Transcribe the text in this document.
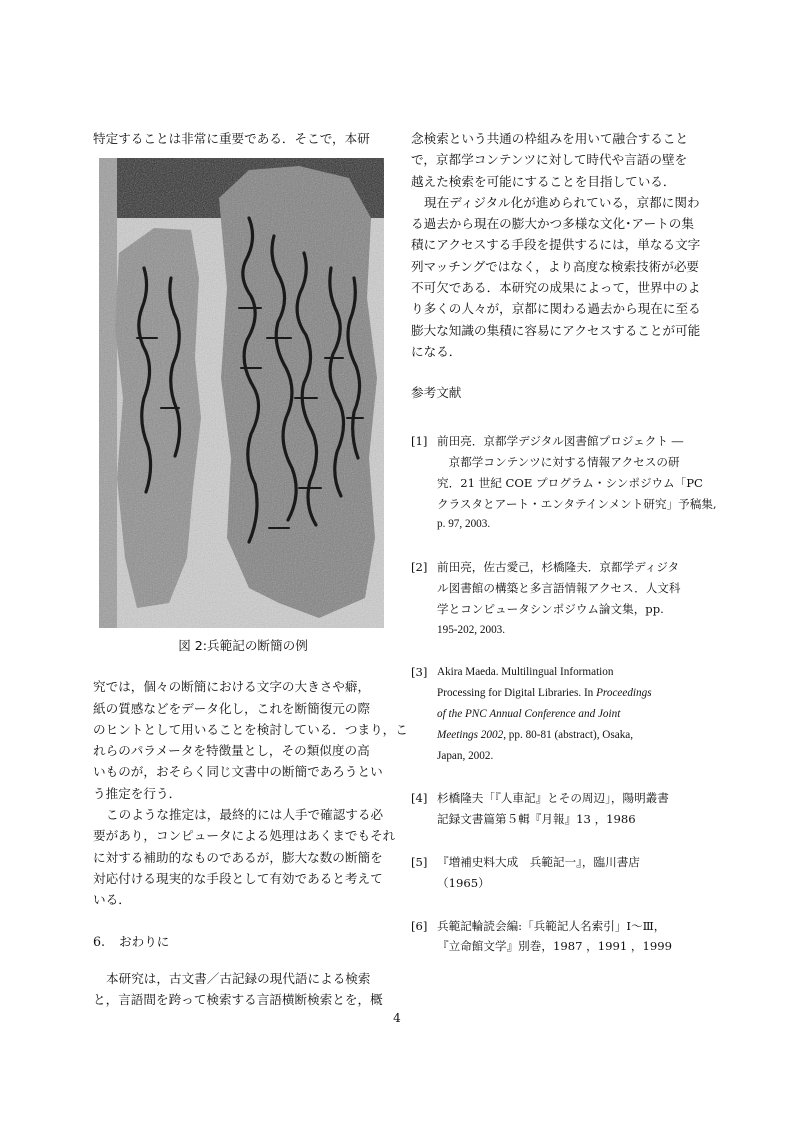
特定することは非常に重要である．そこで，本研
図 2:兵範記の断簡の例
究では，個々の断簡における文字の大きさや癖，
紙の質感などをデータ化し，これを断簡復元の際
のヒントとして用いることを検討している．つまり，こ
れらのパラメータを特徴量とし，その類似度の高
いものが，おそらく同じ文書中の断簡であろうとい
う推定を行う．
このような推定は，最終的には人手で確認する必
要があり，コンピュータによる処理はあくまでもそれ
に対する補助的なものであるが，膨大な数の断簡を
対応付ける現実的な手段として有効であると考えて
いる．
6. おわりに
本研究は，古文書／古記録の現代語による検索
と，言語間を跨って検索する言語横断検索とを，概
念検索という共通の枠組みを用いて融合すること
で，京都学コンテンツに対して時代や言語の壁を
越えた検索を可能にすることを目指している．
現在ディジタル化が進められている，京都に関わ
る過去から現在の膨大かつ多様な文化･アートの集
積にアクセスする手段を提供するには，単なる文字
列マッチングではなく，より高度な検索技術が必要
不可欠である．本研究の成果によって，世界中のよ
り多くの人々が，京都に関わる過去から現在に至る
膨大な知識の集積に容易にアクセスすることが可能
になる．
参考文献
[1] 前田亮．京都学デジタル図書館プロジェクト ―
　京都学コンテンツに対する情報アクセスの研
究．21 世紀 COE プログラム・シンポジウム「PC
クラスタとアート・エンタテインメント研究」予稿集,
p. 97, 2003.
[2] 前田亮，佐古愛己，杉橋隆夫．京都学ディジタ
ル図書館の構築と多言語情報アクセス．人文科
学とコンピュータシンポジウム論文集，pp.
195-202, 2003.
[3] Akira Maeda. Multilingual Information
Processing for Digital Libraries. In Proceedings
of the PNC Annual Conference and Joint
Meetings 2002, pp. 80-81 (abstract), Osaka,
Japan, 2002.
[4] 杉橋隆夫「『人車記』とその周辺」，陽明叢書
記録文書篇第５輯『月報』13 ，1986
[5] 『増補史料大成　兵範記一』，臨川書店
（1965）
[6] 兵範記輪読会編:「兵範記人名索引」Ⅰ～Ⅲ，
『立命館文学』別巻，1987 ，1991 ，1999
4
